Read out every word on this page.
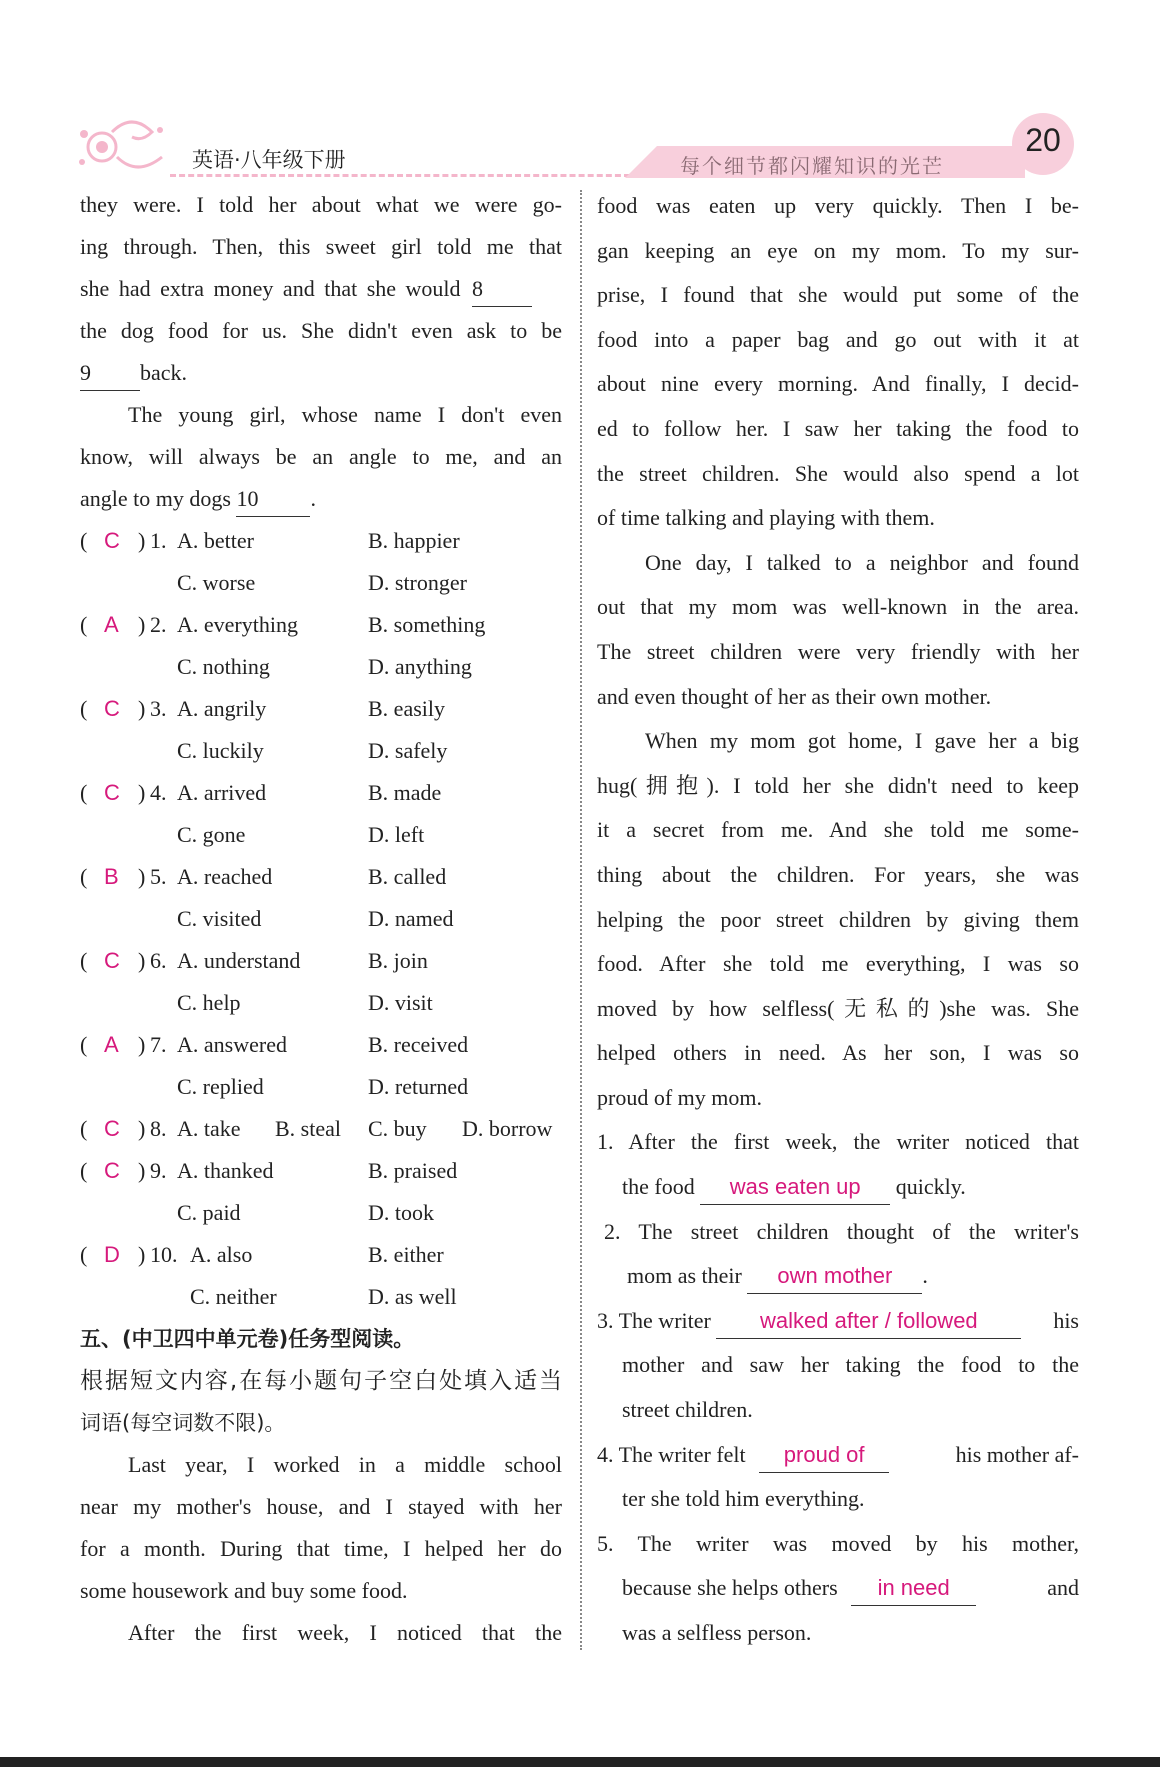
英语·八年级下册	每个细节都闪耀知识的光芒
20
they were. I told her about what we were go-
ing through. Then, this sweet girl told me that
she had extra money and that she would 8
the dog food for us. She didn't even ask to be
9 back.
The young girl, whose name I don't even
know, will always be an angle to me, and an
angle to my dogs 10 .
( C ) 1. A. better	B. happier
C. worse	D. stronger
( A ) 2. A. everything	B. something
C. nothing	D. anything
( C ) 3. A. angrily	B. easily
C. luckily	D. safely
( C ) 4. A. arrived	B. made
C. gone	D. left
( B ) 5. A. reached	B. called
C. visited	D. named
( C ) 6. A. understand	B. join
C. help	D. visit
( A ) 7. A. answered	B. received
C. replied	D. returned
( C ) 8. A. take B. steal C. buy D. borrow
( C ) 9. A. thanked	B. praised
C. paid	D. took
( D ) 10. A. also	B. either
C. neither	D. as well
五、(中卫四中单元卷)任务型阅读。
根据短文内容,在每小题句子空白处填入适当
词语(每空词数不限)。
Last year, I worked in a middle school
near my mother's house, and I stayed with her
for a month. During that time, I helped her do
some housework and buy some food.
After the first week, I noticed that the
food was eaten up very quickly. Then I be-
gan keeping an eye on my mom. To my sur-
prise, I found that she would put some of the
food into a paper bag and go out with it at
about nine every morning. And finally, I decid-
ed to follow her. I saw her taking the food to
the street children. She would also spend a lot
of time talking and playing with them.
One day, I talked to a neighbor and found
out that my mom was well-known in the area.
The street children were very friendly with her
and even thought of her as their own mother.
When my mom got home, I gave her a big
hug(拥抱). I told her she didn't need to keep
it a secret from me. And she told me some-
thing about the children. For years, she was
helping the poor street children by giving them
food. After she told me everything, I was so
moved by how selfless(无私的)she was. She
helped others in need. As her son, I was so
proud of my mom.
1. After the first week, the writer noticed that
the food was eaten up quickly.
2. The street children thought of the writer's
mom as their own mother .
3. The writer walked after / followed	his
mother and saw her taking the food to the
street children.
4. The writer felt proud of	his mother af-
ter she told him everything.
5. The writer was moved by his mother,
because she helps others in need	and
was a selfless person.
